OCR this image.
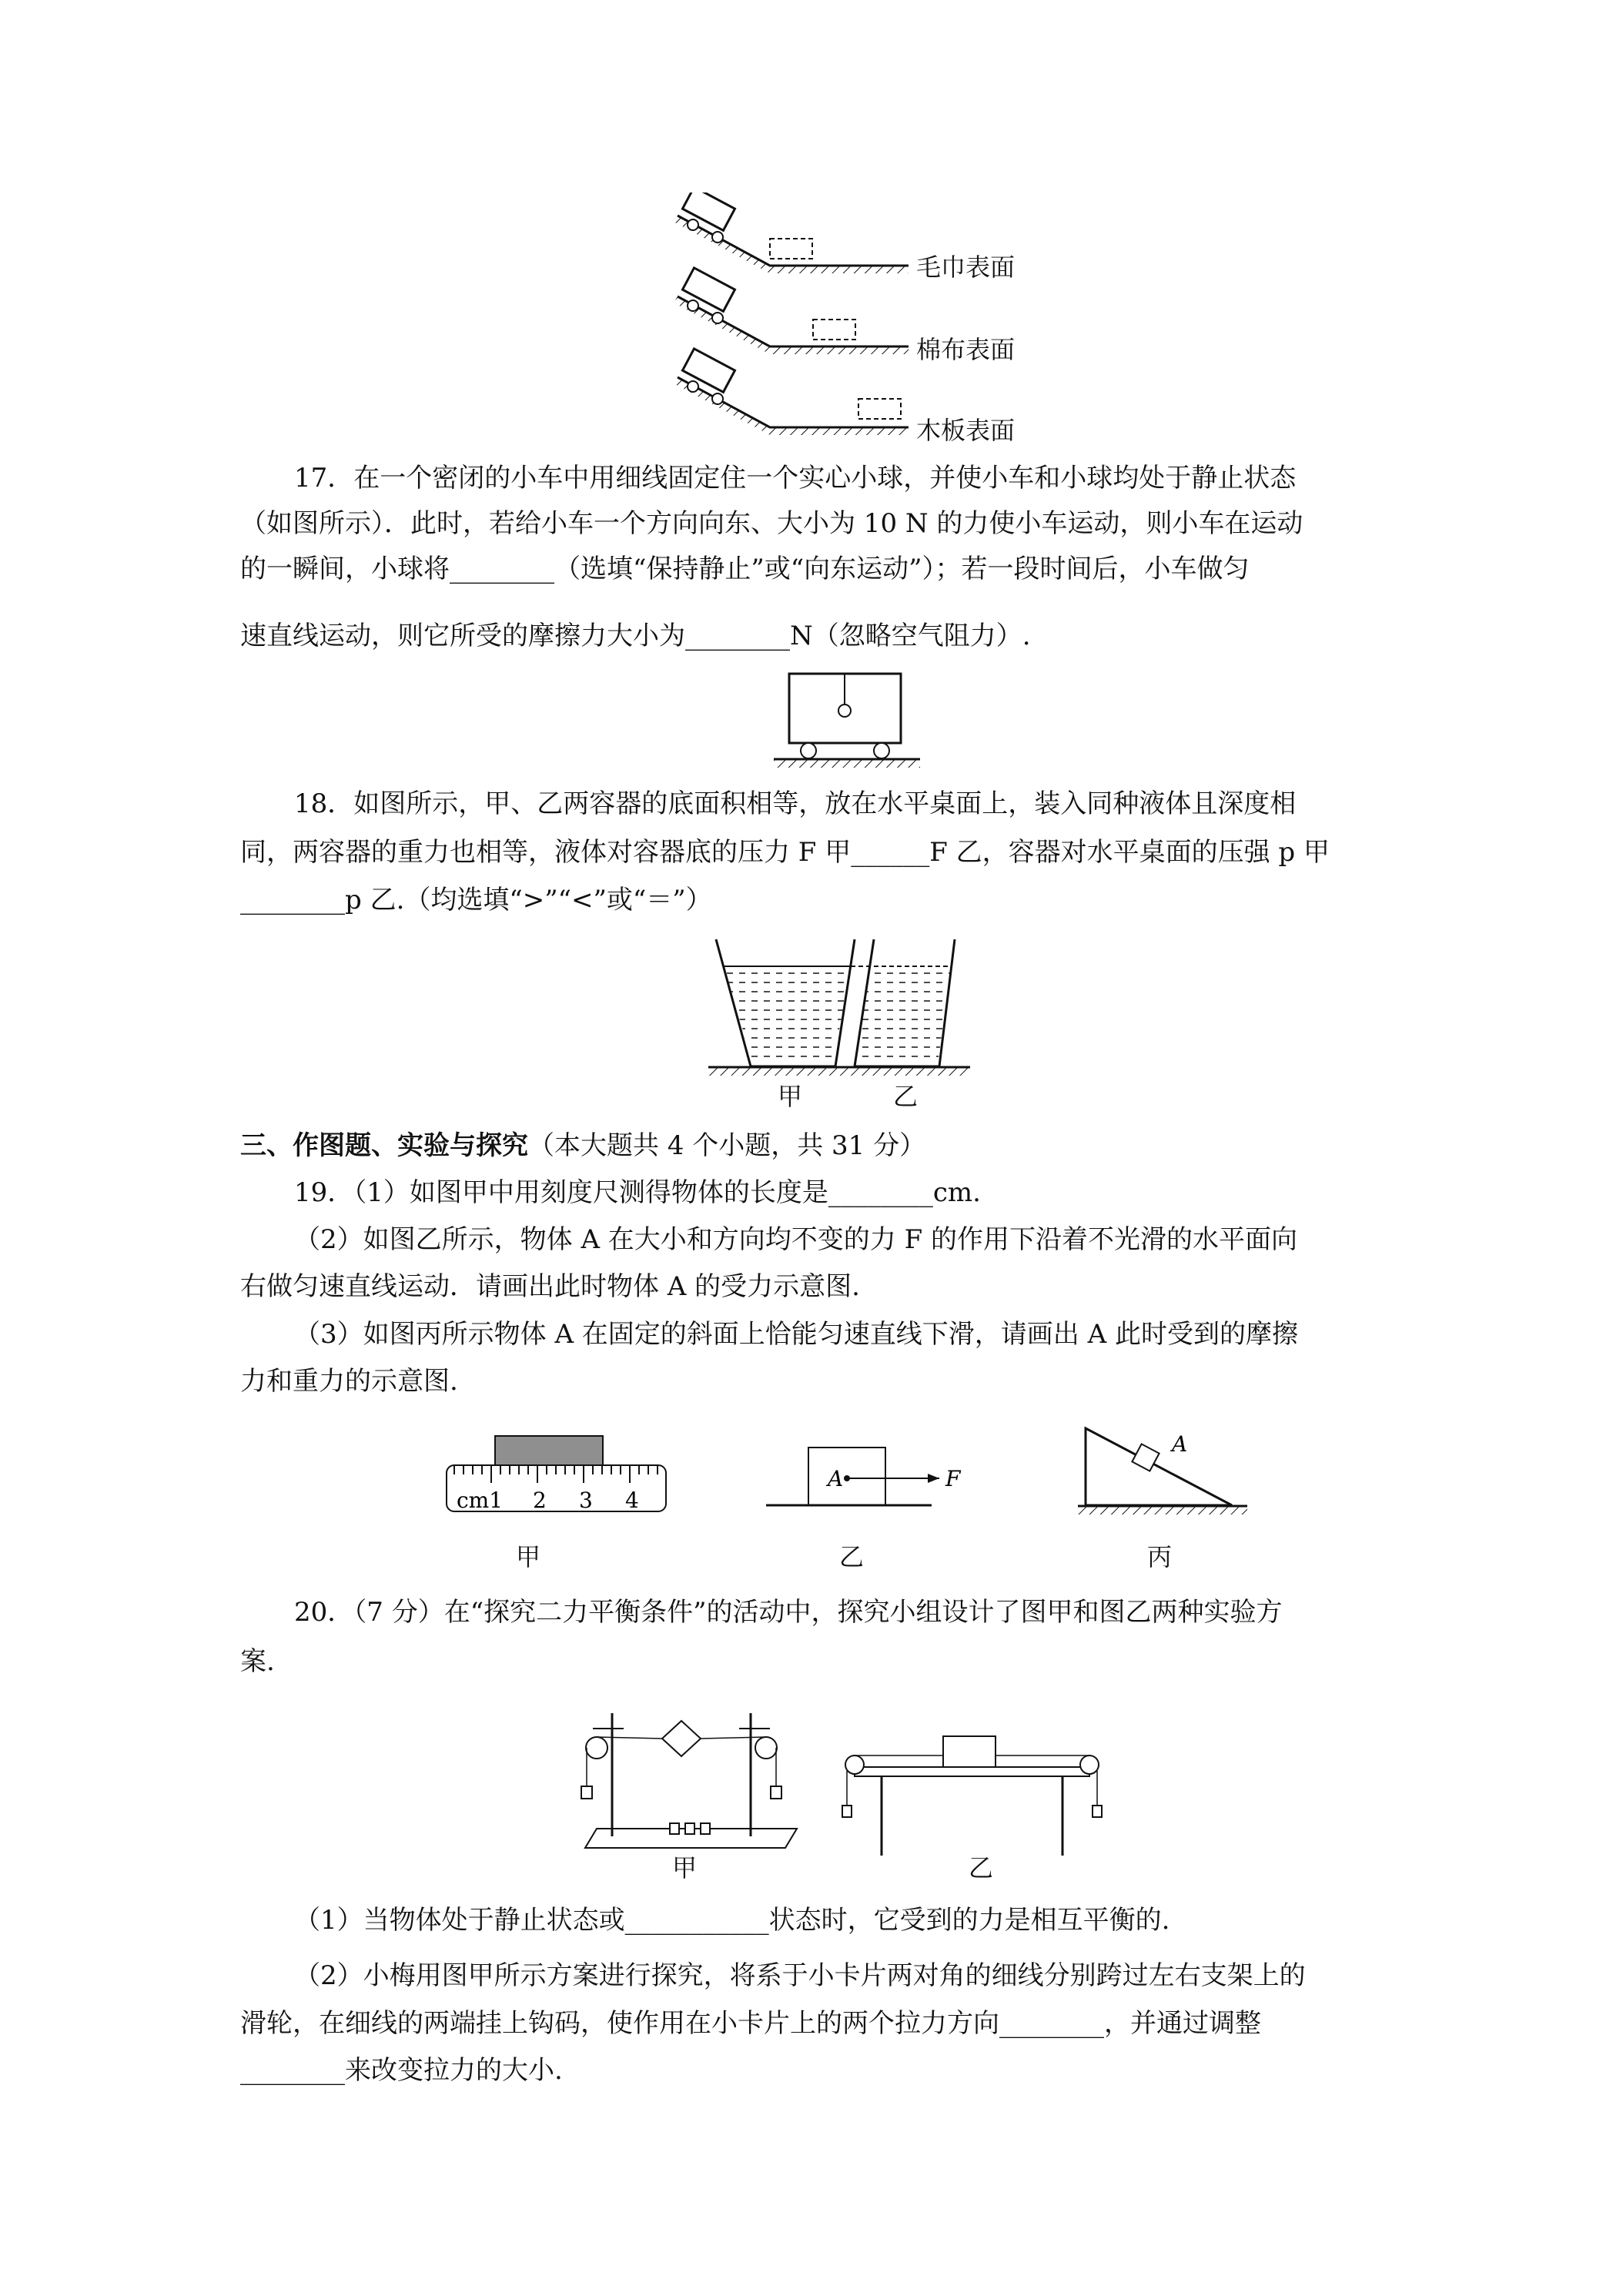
毛巾表面
棉布表面
木板表面
17．在一个密闭的小车中用细线固定住一个实心小球，并使小车和小球均处于静止状态
（如图所示）．此时，若给小车一个方向向东、大小为 10 N 的力使小车运动，则小车在运动
的一瞬间，小球将________（选填“保持静止”或“向东运动”）；若一段时间后，小车做匀
速直线运动，则它所受的摩擦力大小为________N（忽略空气阻力）.
18．如图所示，甲、乙两容器的底面积相等，放在水平桌面上，装入同种液体且深度相
同，两容器的重力也相等，液体对容器底的压力 F 甲______F 乙，容器对水平桌面的压强 p 甲
________p 乙.（均选填“>”“<”或“＝”）
甲	乙
三、作图题、实验与探究（本大题共 4 个小题，共 31 分）
19．（1）如图甲中用刻度尺测得物体的长度是________cm.
（2）如图乙所示，物体 A 在大小和方向均不变的力 F 的作用下沿着不光滑的水平面向
右做匀速直线运动．请画出此时物体 A 的受力示意图.
（3）如图丙所示物体 A 在固定的斜面上恰能匀速直线下滑，请画出 A 此时受到的摩擦
力和重力的示意图.
cm1 2 3 4
A	F
A
甲	乙	丙
20．（7 分）在“探究二力平衡条件”的活动中，探究小组设计了图甲和图乙两种实验方
案.
甲	乙
（1）当物体处于静止状态或___________状态时，它受到的力是相互平衡的.
（2）小梅用图甲所示方案进行探究，将系于小卡片两对角的细线分别跨过左右支架上的
滑轮，在细线的两端挂上钩码，使作用在小卡片上的两个拉力方向________，并通过调整
________来改变拉力的大小.
